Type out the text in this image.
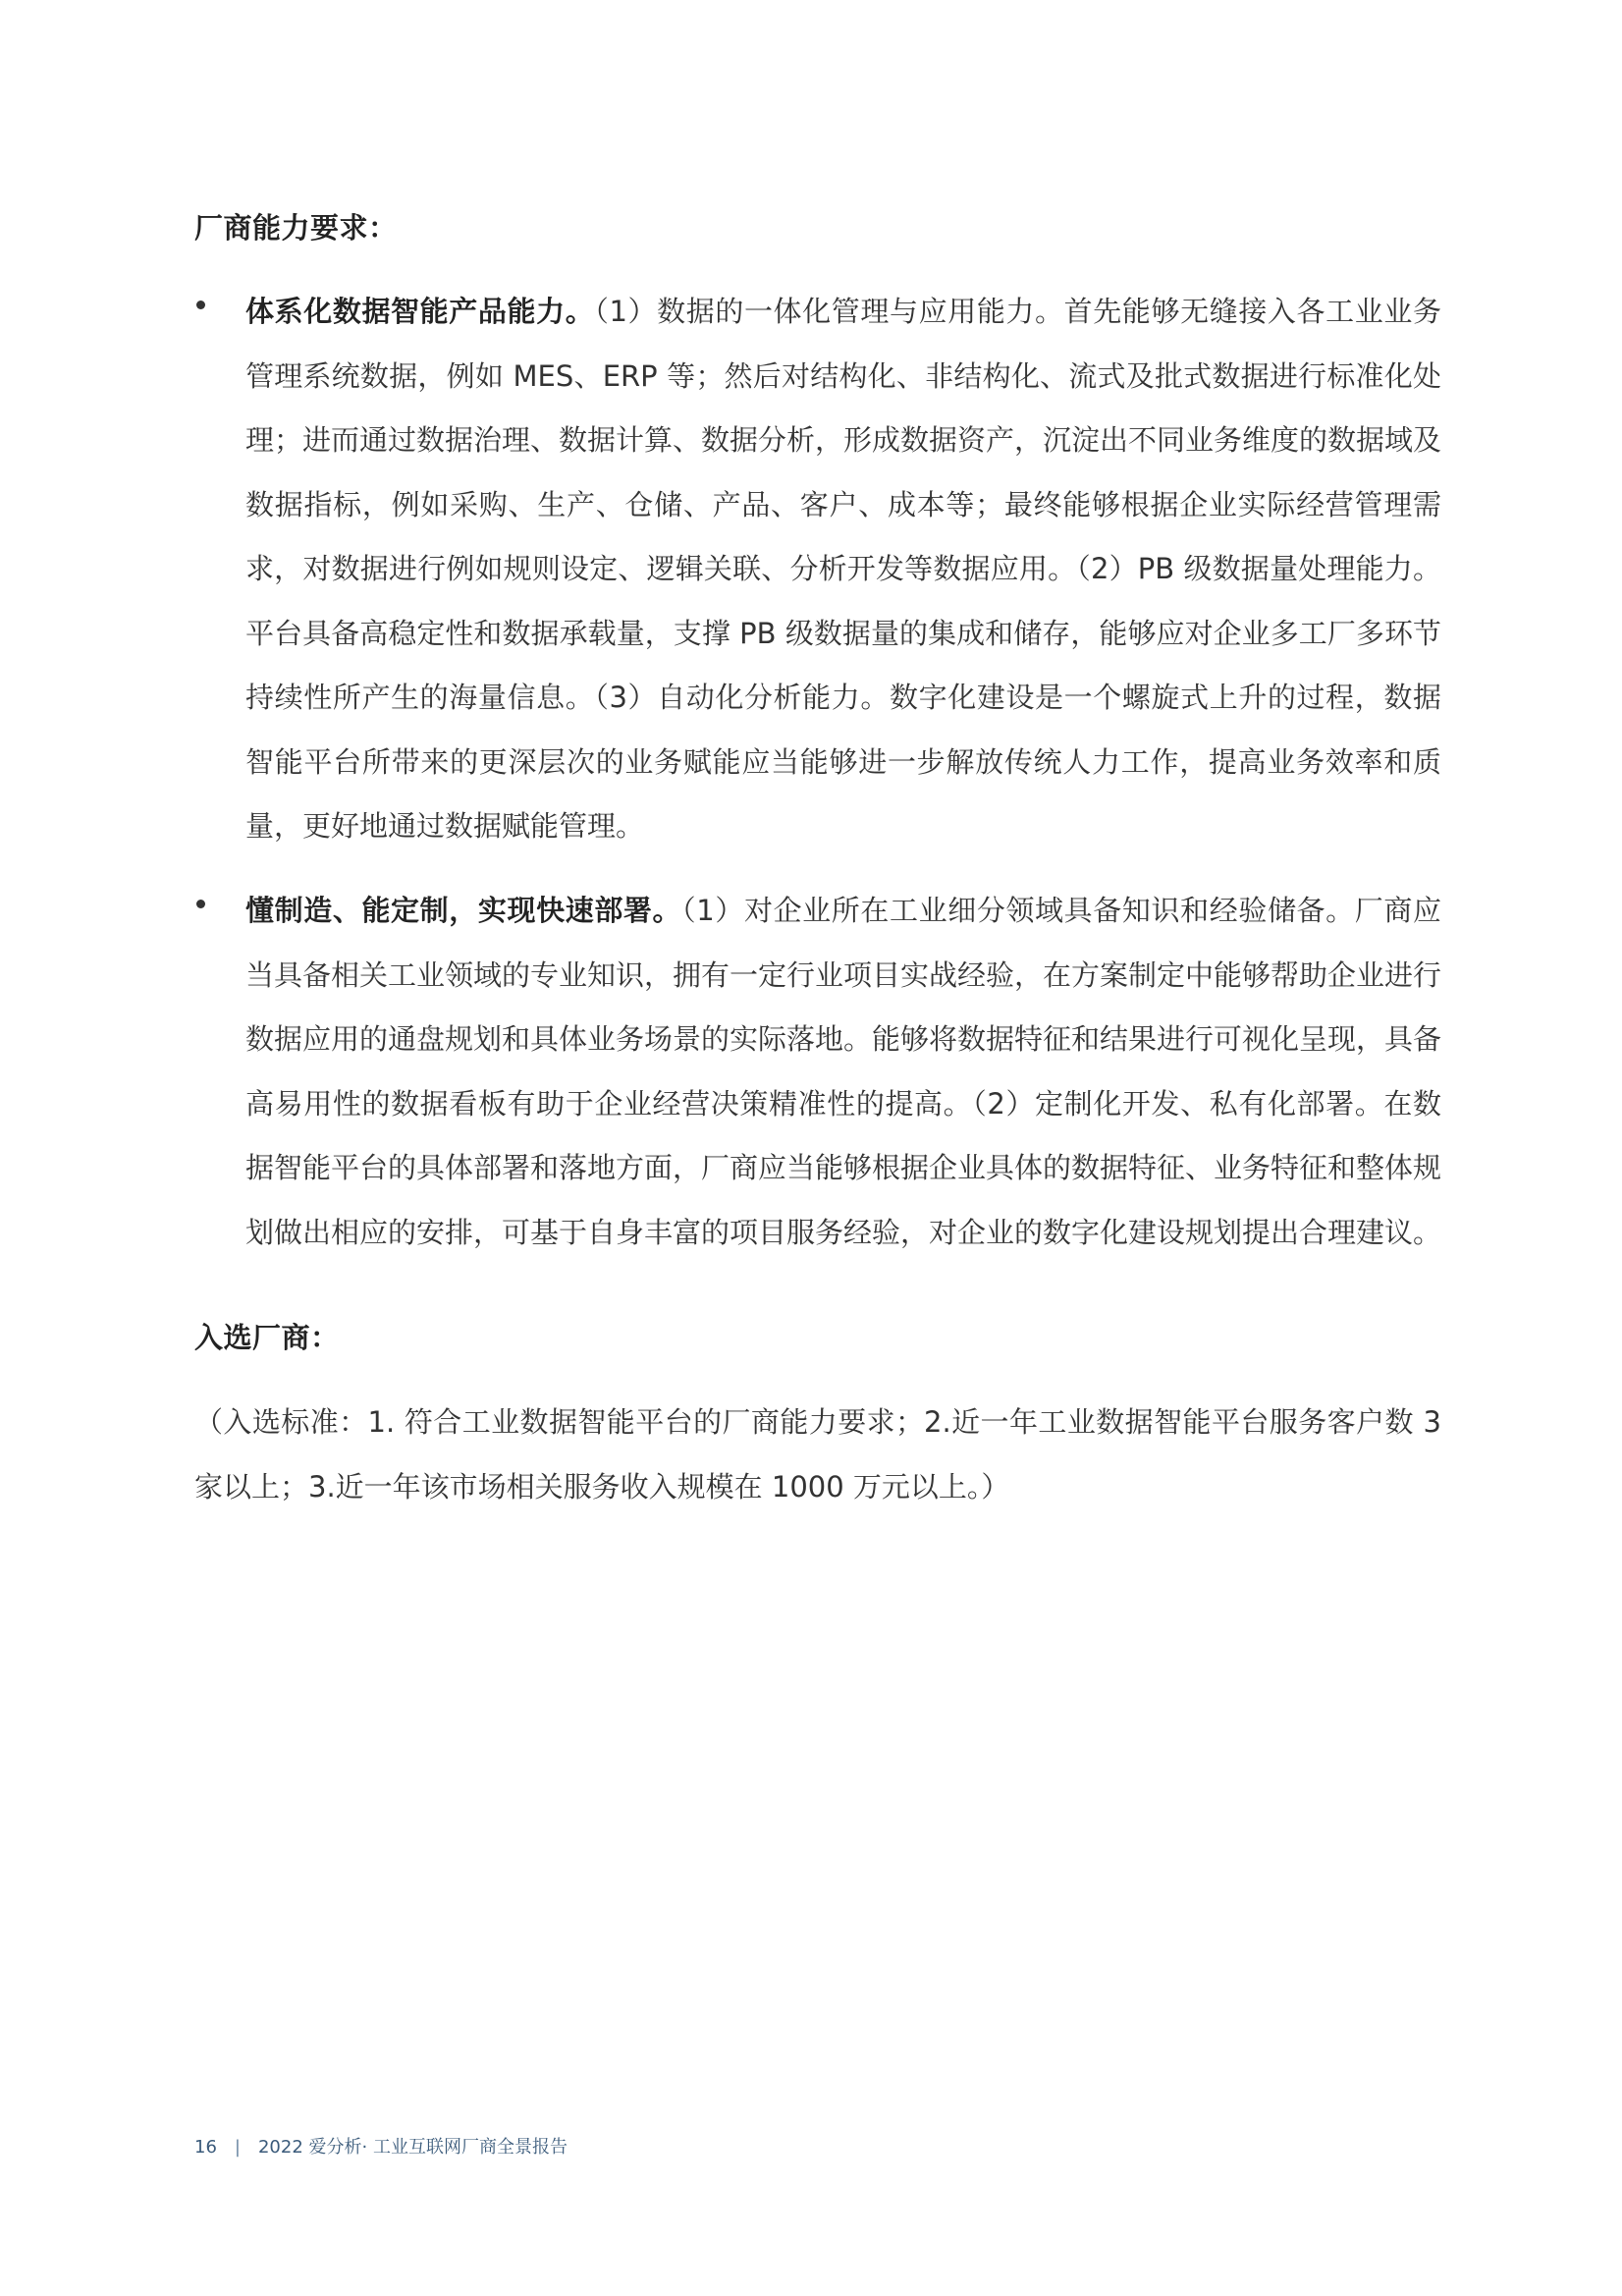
厂商能力要求：
体系化数据智能产品能力。（1）数据的一体化管理与应用能力。首先能够无缝接入各工业业务管理系统数据，例如 MES、ERP 等；然后对结构化、非结构化、流式及批式数据进行标准化处理；进而通过数据治理、数据计算、数据分析，形成数据资产，沉淀出不同业务维度的数据域及数据指标，例如采购、生产、仓储、产品、客户、成本等；最终能够根据企业实际经营管理需求，对数据进行例如规则设定、逻辑关联、分析开发等数据应用。（2）PB 级数据量处理能力。平台具备高稳定性和数据承载量，支撑 PB 级数据量的集成和储存，能够应对企业多工厂多环节持续性所产生的海量信息。（3）自动化分析能力。数字化建设是一个螺旋式上升的过程，数据智能平台所带来的更深层次的业务赋能应当能够进一步解放传统人力工作，提高业务效率和质量，更好地通过数据赋能管理。
懂制造、能定制，实现快速部署。（1）对企业所在工业细分领域具备知识和经验储备。厂商应当具备相关工业领域的专业知识，拥有一定行业项目实战经验，在方案制定中能够帮助企业进行数据应用的通盘规划和具体业务场景的实际落地。能够将数据特征和结果进行可视化呈现，具备高易用性的数据看板有助于企业经营决策精准性的提高。（2）定制化开发、私有化部署。在数据智能平台的具体部署和落地方面，厂商应当能够根据企业具体的数据特征、业务特征和整体规划做出相应的安排，可基于自身丰富的项目服务经验，对企业的数字化建设规划提出合理建议。
入选厂商：
（入选标准：1. 符合工业数据智能平台的厂商能力要求；2.近一年工业数据智能平台服务客户数 3 家以上；3.近一年该市场相关服务收入规模在 1000 万元以上。）
16 | 2022 爱分析· 工业互联网厂商全景报告
